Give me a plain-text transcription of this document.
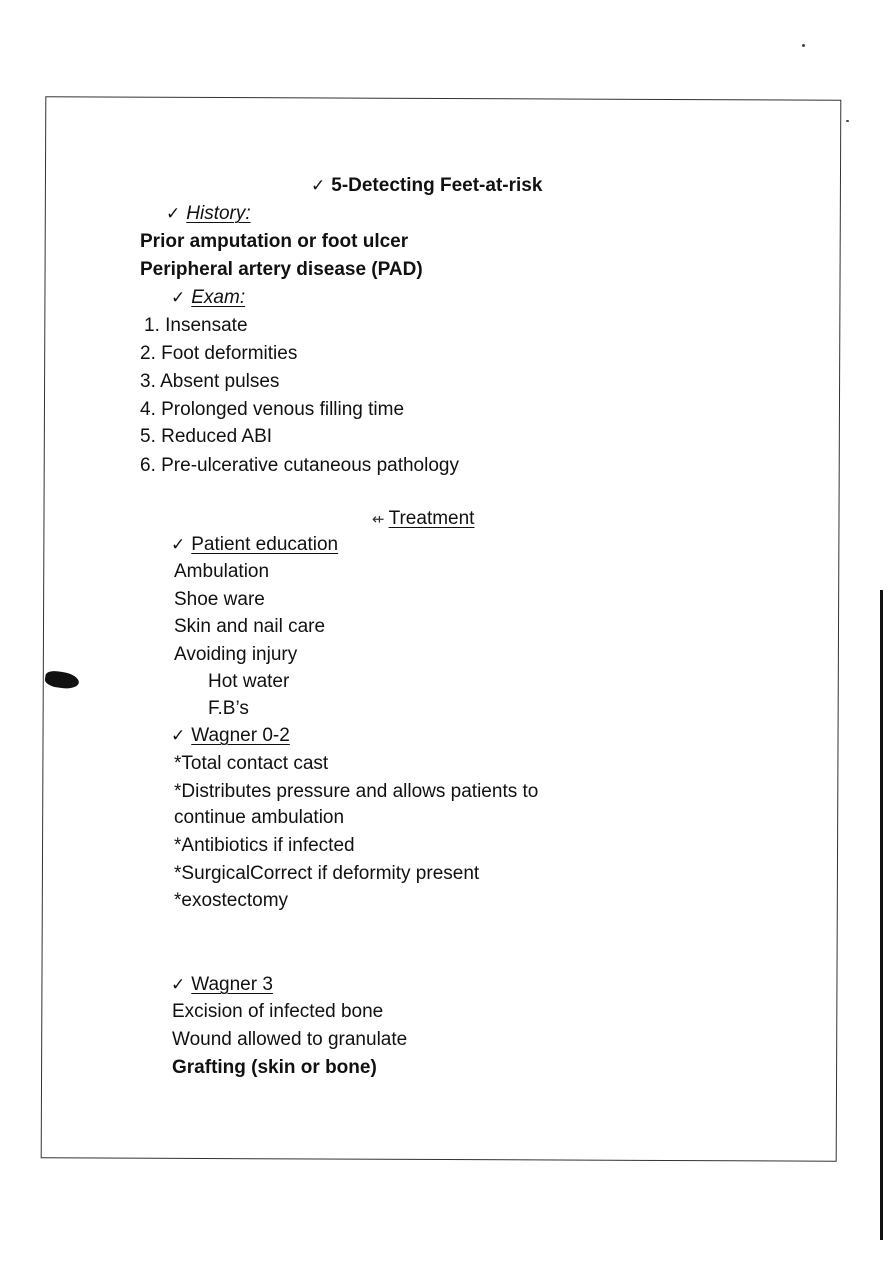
✓ 5-Detecting Feet-at-risk
✓ History:
Prior amputation or foot ulcer
Peripheral artery disease (PAD)
✓ Exam:
1. Insensate
2. Foot deformities
3. Absent pulses
4. Prolonged venous filling time
5. Reduced ABI
6. Pre-ulcerative cutaneous pathology
⇷ Treatment
✓ Patient education
Ambulation
Shoe ware
Skin and nail care
Avoiding injury
Hot water
F.B’s
✓ Wagner 0-2
*Total contact cast
*Distributes pressure and allows patients to
continue ambulation
*Antibiotics if infected
*SurgicalCorrect if deformity present
*exostectomy
✓ Wagner 3
Excision of infected bone
Wound allowed to granulate
Grafting (skin or bone)
